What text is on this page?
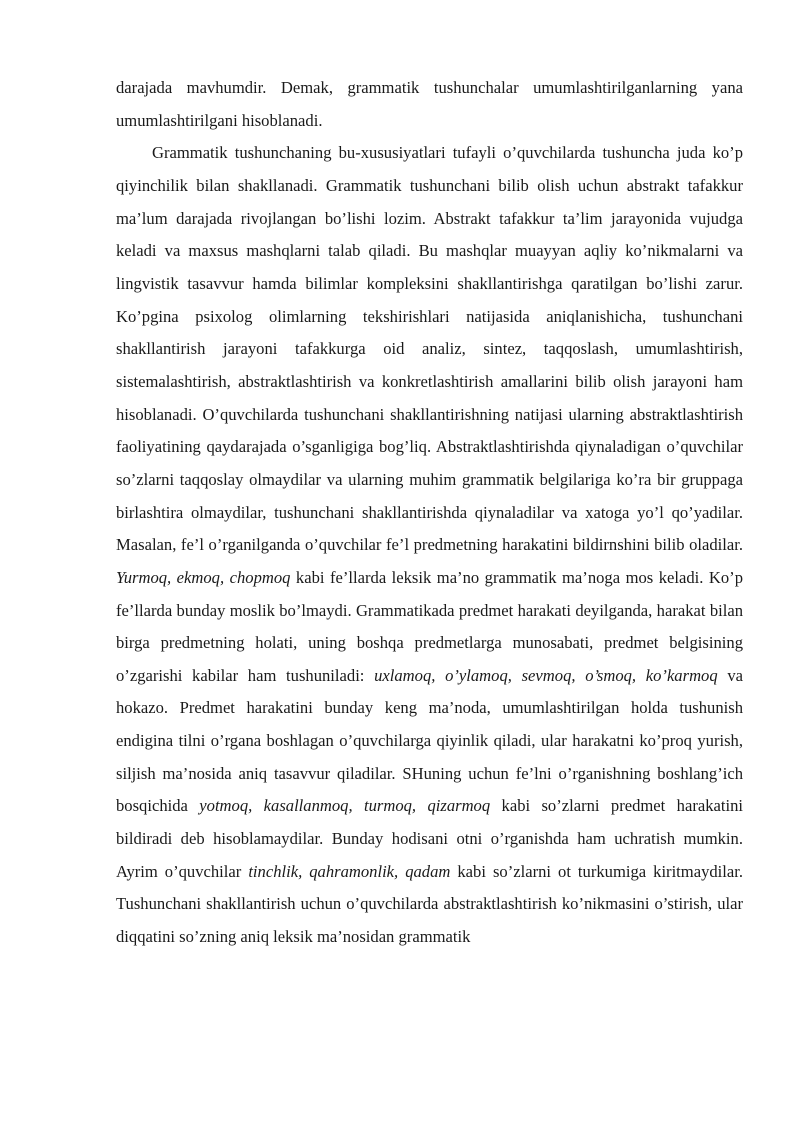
darajada mavhumdir. Demak, grammatik tushunchalar umumlashtirilganlarning yana umumlashtirilgani hisoblanadi.

Grammatik tushunchaning bu-xususiyatlari tufayli o’quvchilarda tushuncha juda ko’p qiyinchilik bilan shakllanadi. Grammatik tushunchani bilib olish uchun abstrakt tafakkur ma’lum darajada rivojlangan bo’lishi lozim. Abstrakt tafakkur ta’lim jarayonida vujudga keladi va maxsus mashqlarni talab qiladi. Bu mashqlar muayyan aqliy ko’nikmalarni va lingvistik tasavvur hamda bilimlar kompleksini shakllantirishga qaratilgan bo’lishi zarur. Ko’pgina psixolog olimlarning tekshirishlari natijasida aniqlanishicha, tushunchani shakllantirish jarayoni tafakkurga oid analiz, sintez, taqqoslash, umumlashtirish, sistemalashtirish, abstraktlashtirish va konkretlashtirish amallarini bilib olish jarayoni ham hisoblanadi. O’quvchilarda tushunchani shakllantirishning natijasi ularning abstraktlashtirish faoliyatining qaydarajada o’sganligiga bog’liq. Abstraktlashtirishda qiynaladigan o’quvchilar so’zlarni taqqoslay olmaydilar va ularning muhim grammatik belgilariga ko’ra bir gruppaga birlashtira olmaydilar, tushunchani shakllantirishda qiynaladilar va xatoga yo’l qo’yadilar. Masalan, fe’l o’rganilganda o’quvchilar fe’l predmetning harakatini bildirnshini bilib oladilar. Yurmoq, ekmoq, chopmoq kabi fe’llarda leksik ma’no grammatik ma’noga mos keladi. Ko’p fe’llarda bunday moslik bo’lmaydi. Grammatikada predmet harakati deyilganda, harakat bilan birga predmetning holati, uning boshqa predmetlarga munosabati, predmet belgisining o’zgarishi kabilar ham tushuniladi: uxlamoq, o’ylamoq, sevmoq, o’smoq, ko’karmoq va hokazo. Predmet harakatini bunday keng ma’noda, umumlashtirilgan holda tushunish endigina tilni o’rgana boshlagan o’quvchilarga qiyinlik qiladi, ular harakatni ko’proq yurish, siljish ma’nosida aniq tasavvur qiladilar. SHuning uchun fe’lni o’rganishning boshlang’ich bosqichida yotmoq, kasallanmoq, turmoq, qizarmoq kabi so’zlarni predmet harakatini bildiradi deb hisoblamaydilar. Bunday hodisani otni o’rganishda ham uchratish mumkin. Ayrim o’quvchilar tinchlik, qahramonlik, qadam kabi so’zlarni ot turkumiga kiritmaydilar. Tushunchani shakllantirish uchun o’quvchilarda abstraktlashtirish ko’nikmasini o’stirish, ular diqqatini so’zning aniq leksik ma’nosidan grammatik
